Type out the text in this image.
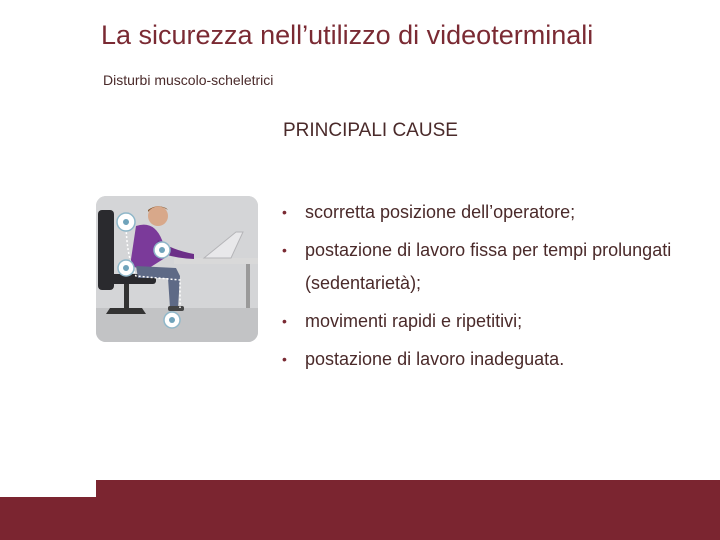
La sicurezza nell’utilizzo di videoterminali
Disturbi muscolo-scheletrici
PRINCIPALI CAUSE
• scorretta posizione dell’operatore;
• postazione di lavoro fissa per tempi prolungati (sedentarietà);
• movimenti rapidi e ripetitivi;
• postazione di lavoro inadeguata.
